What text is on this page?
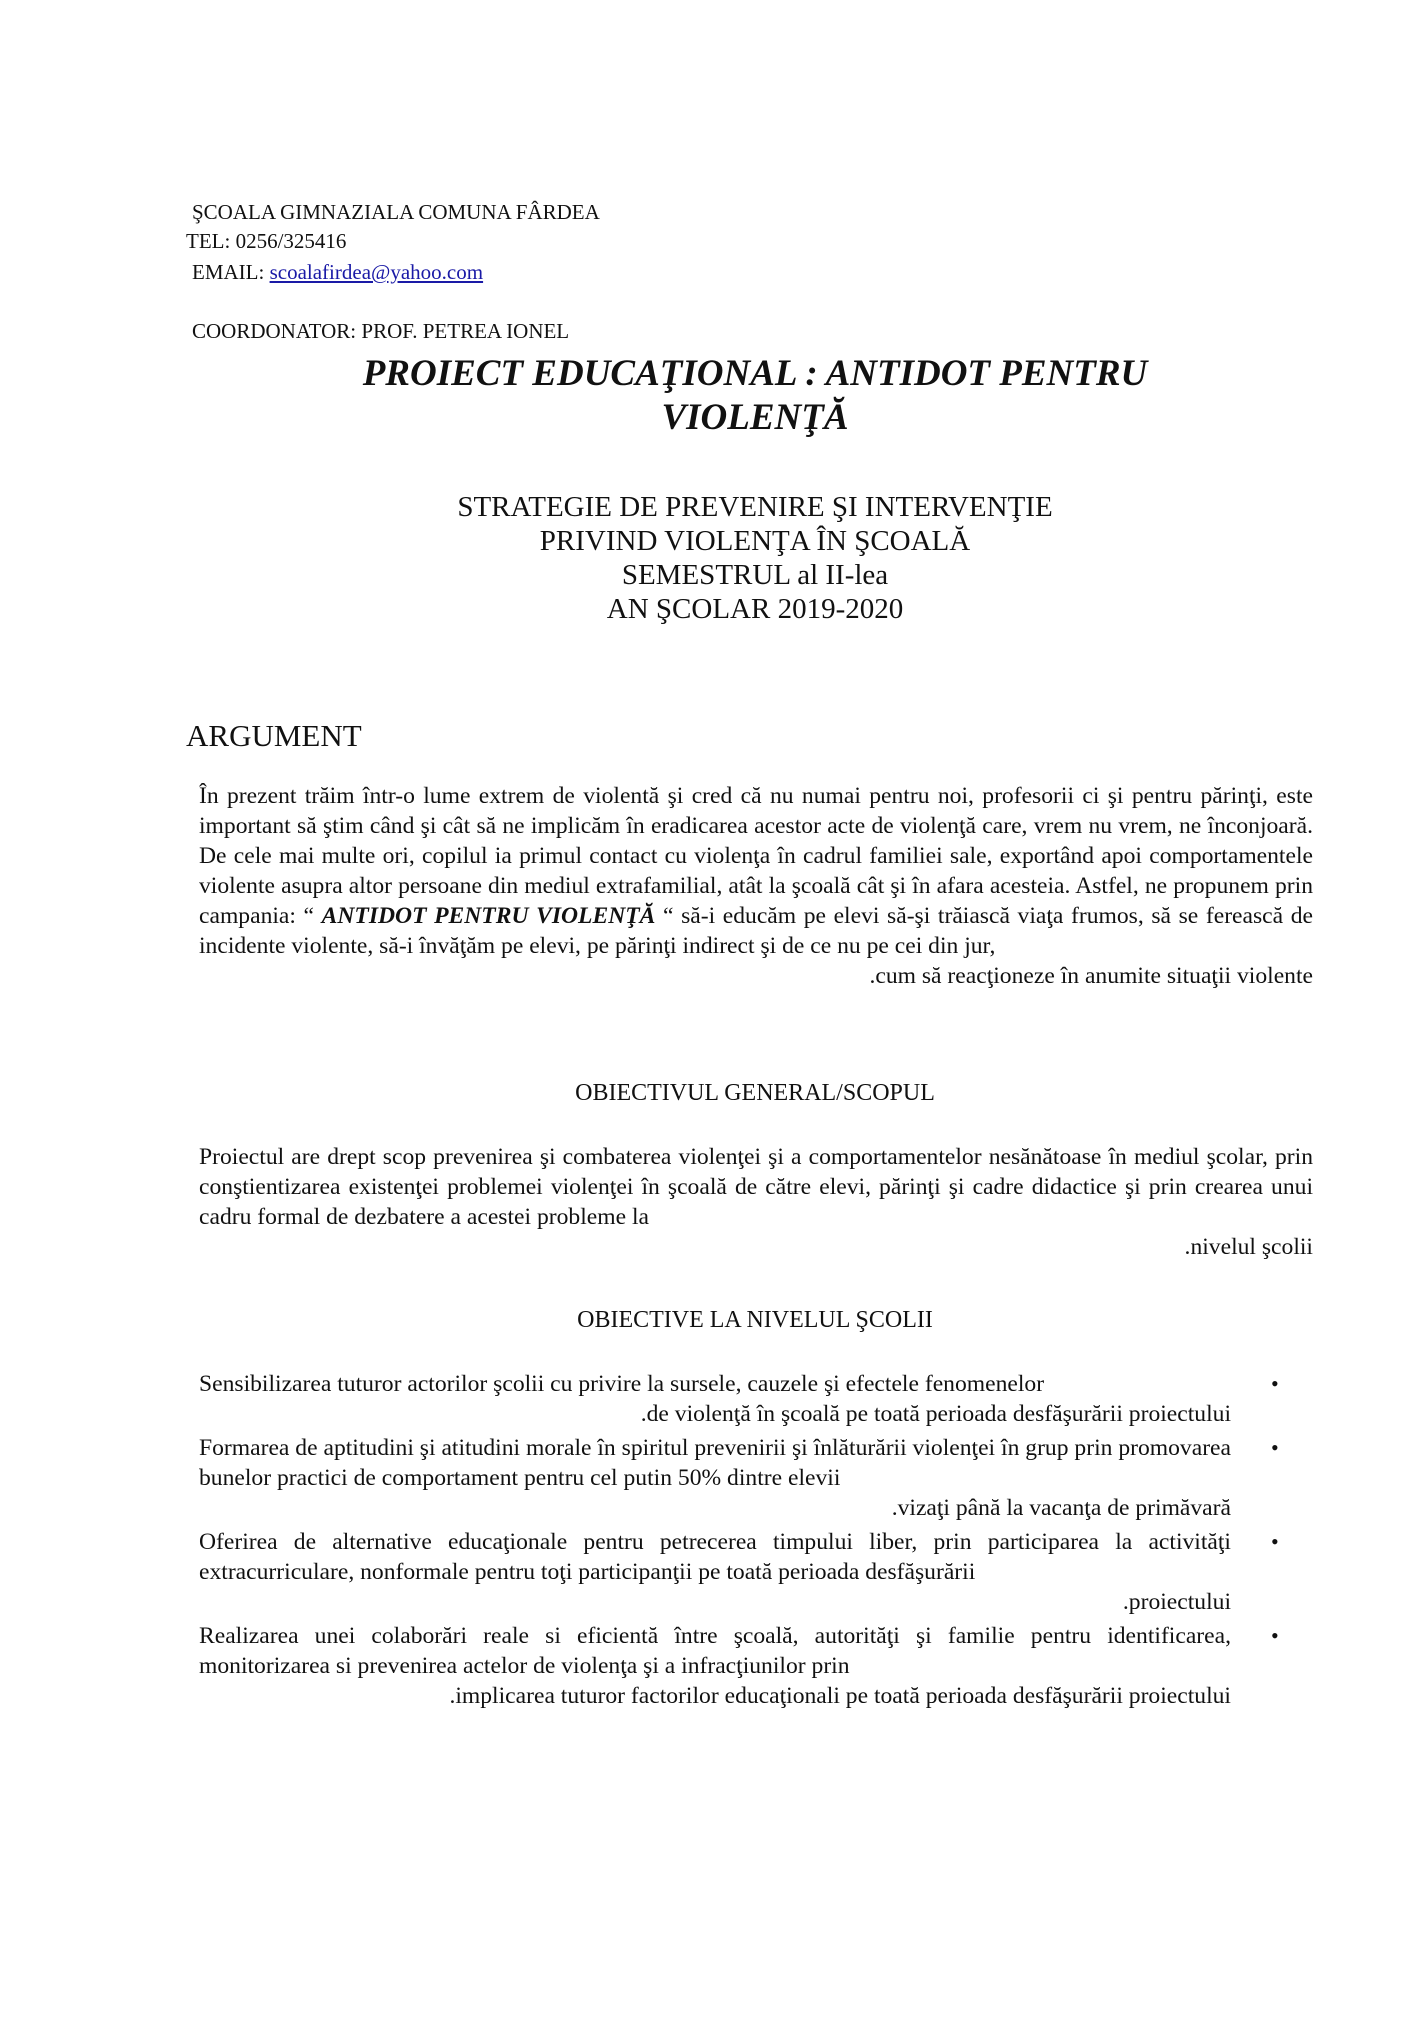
ŞCOALA GIMNAZIALA COMUNA FÂRDEA
TEL: 0256/325416
EMAIL: scoalafirdea@yahoo.com
COORDONATOR: PROF. PETREA IONEL
PROIECT EDUCAŢIONAL : ANTIDOT PENTRU
VIOLENŢĂ
STRATEGIE DE PREVENIRE ŞI INTERVENŢIE
PRIVIND VIOLENŢA ÎN ŞCOALĂ
SEMESTRUL al II-lea
AN ŞCOLAR 2019-2020
ARGUMENT
În prezent trăim într-o lume extrem de violentă şi cred că nu numai pentru noi, profesorii ci şi pentru părinţi, este important să ştim când şi cât să ne implicăm în eradicarea acestor acte de violenţă care, vrem nu vrem, ne înconjoară. De cele mai multe ori, copilul ia primul contact cu violenţa în cadrul familiei sale, exportând apoi comportamentele violente asupra altor persoane din mediul extrafamilial, atât la şcoală cât şi în afara acesteia. Astfel, ne propunem prin campania: “ ANTIDOT PENTRU VIOLENŢĂ “ să-i educăm pe elevi să-şi trăiască viaţa frumos, să se ferească de incidente violente, să-i învăţăm pe elevi, pe părinţi indirect şi de ce nu pe cei din jur,
.cum să reacţioneze în anumite situaţii violente
OBIECTIVUL GENERAL/SCOPUL
Proiectul are drept scop prevenirea şi combaterea violenţei şi a comportamentelor nesănătoase în mediul şcolar, prin conştientizarea existenţei problemei violenţei în şcoală de către elevi, părinţi şi cadre didactice şi prin crearea unui cadru formal de dezbatere a acestei probleme la
.nivelul şcolii
OBIECTIVE LA NIVELUL ŞCOLII
•
Sensibilizarea tuturor actorilor şcolii cu privire la sursele, cauzele şi efectele fenomenelor
.de violenţă în şcoală pe toată perioada desfăşurării proiectului
•
Formarea de aptitudini şi atitudini morale în spiritul prevenirii şi înlăturării violenţei în grup prin promovarea bunelor practici de comportament pentru cel putin 50% dintre elevii
.vizaţi până la vacanţa de primăvară
•
Oferirea de alternative educaţionale pentru petrecerea timpului liber, prin participarea la activităţi extracurriculare, nonformale pentru toţi participanţii pe toată perioada desfăşurării
.proiectului
•
Realizarea unei colaborări reale si eficientă între şcoală, autorităţi şi familie pentru identificarea, monitorizarea si prevenirea actelor de violenţa şi a infracţiunilor prin
.implicarea tuturor factorilor educaţionali pe toată perioada desfăşurării proiectului
